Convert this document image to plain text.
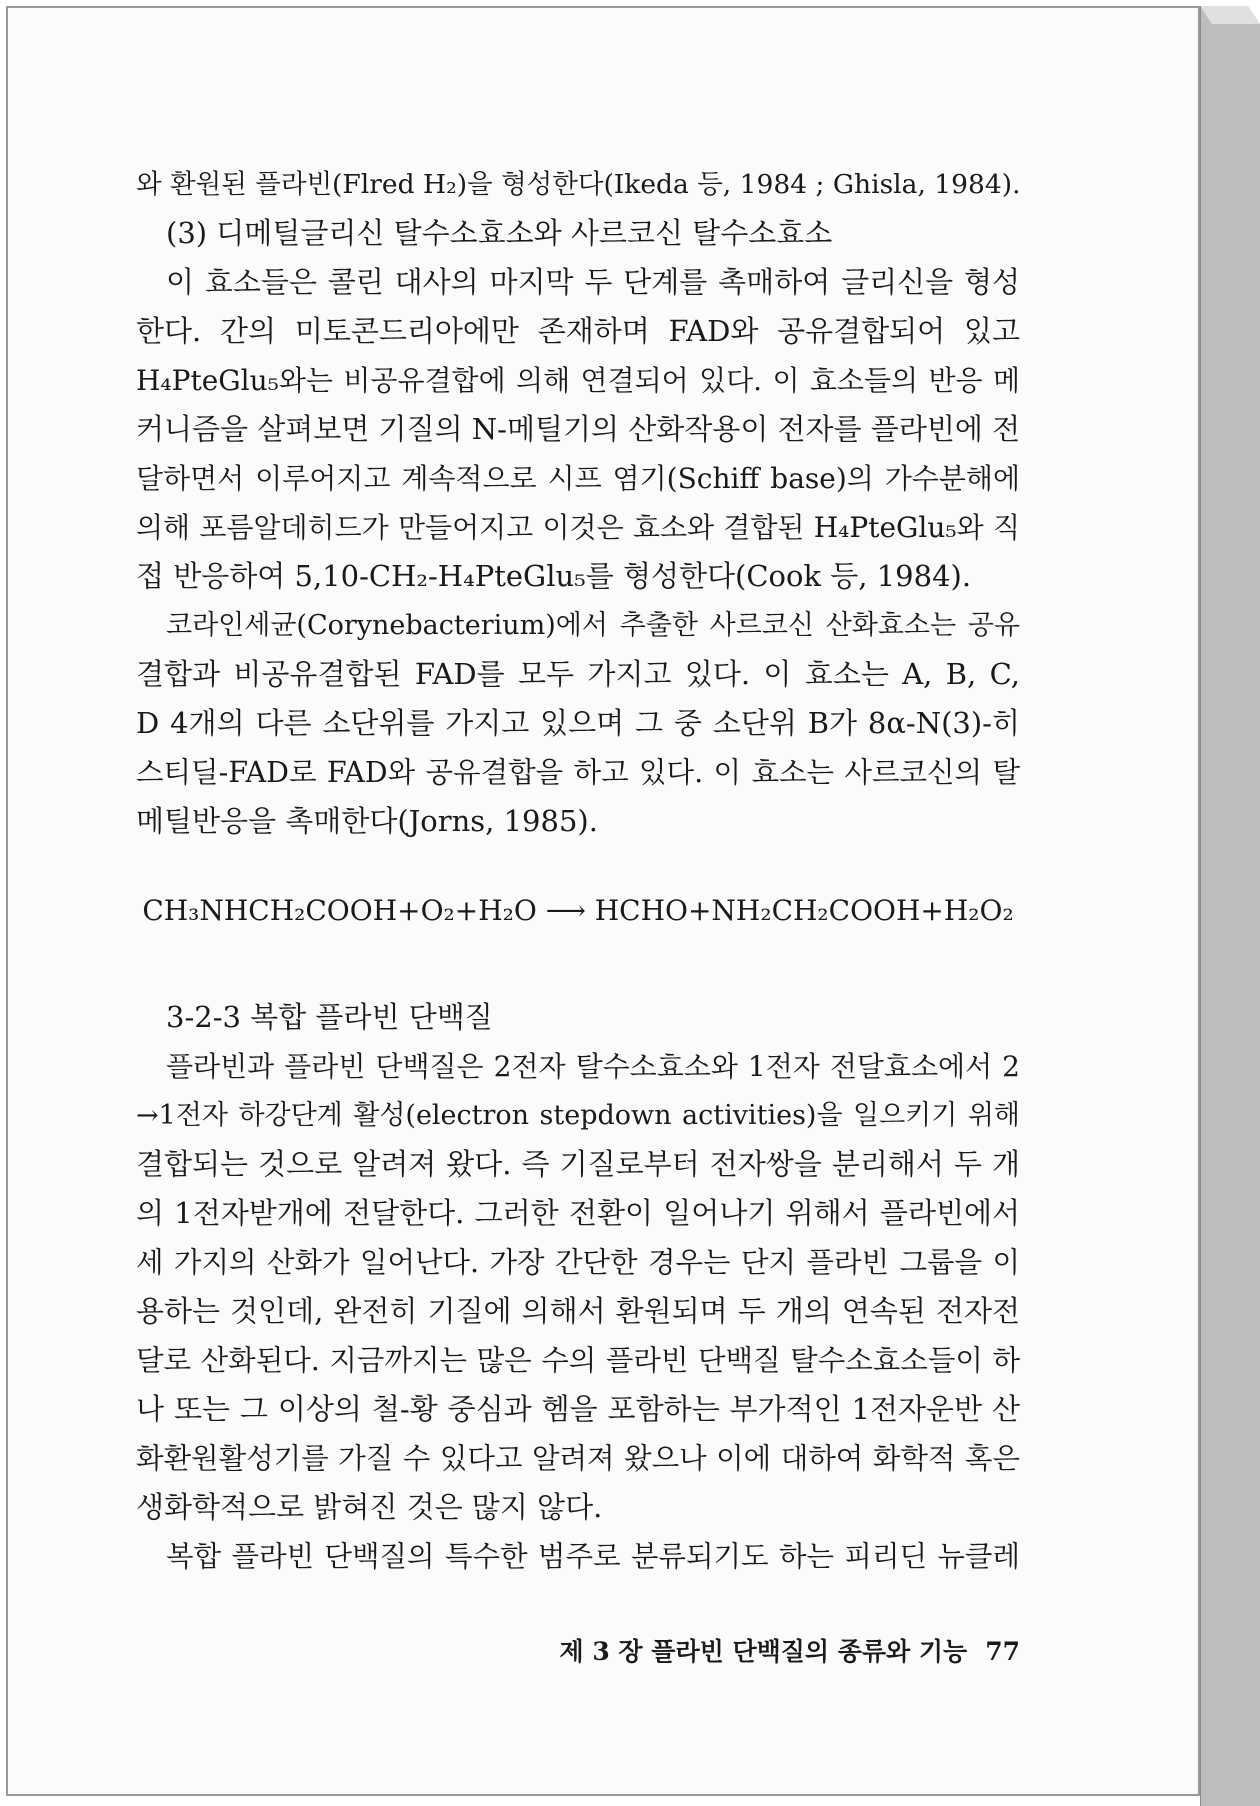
와 환원된 플라빈(Flred H₂)을 형성한다(Ikeda 등, 1984 ; Ghisla, 1984).

(3) 디메틸글리신 탈수소효소와 사르코신 탈수소효소

이 효소들은 콜린 대사의 마지막 두 단계를 촉매하여 글리신을 형성

한다. 간의 미토콘드리아에만 존재하며 FAD와 공유결합되어 있고

H₄PteGlu₅와는 비공유결합에 의해 연결되어 있다. 이 효소들의 반응 메

커니즘을 살펴보면 기질의 N-메틸기의 산화작용이 전자를 플라빈에 전

달하면서 이루어지고 계속적으로 시프 염기(Schiff base)의 가수분해에

의해 포름알데히드가 만들어지고 이것은 효소와 결합된 H₄PteGlu₅와 직

접 반응하여 5,10-CH₂-H₄PteGlu₅를 형성한다(Cook 등, 1984).

코라인세균(Corynebacterium)에서 추출한 사르코신 산화효소는 공유

결합과 비공유결합된 FAD를 모두 가지고 있다. 이 효소는 A, B, C,

D 4개의 다른 소단위를 가지고 있으며 그 중 소단위 B가 8α-N(3)-히

스티딜-FAD로 FAD와 공유결합을 하고 있다. 이 효소는 사르코신의 탈

메틸반응을 촉매한다(Jorns, 1985).

CH₃NHCH₂COOH+O₂+H₂O ⟶ HCHO+NH₂CH₂COOH+H₂O₂
3-2-3 복합 플라빈 단백질

플라빈과 플라빈 단백질은 2전자 탈수소효소와 1전자 전달효소에서 2

→1전자 하강단계 활성(electron stepdown activities)을 일으키기 위해

결합되는 것으로 알려져 왔다. 즉 기질로부터 전자쌍을 분리해서 두 개

의 1전자받개에 전달한다. 그러한 전환이 일어나기 위해서 플라빈에서

세 가지의 산화가 일어난다. 가장 간단한 경우는 단지 플라빈 그룹을 이

용하는 것인데, 완전히 기질에 의해서 환원되며 두 개의 연속된 전자전

달로 산화된다. 지금까지는 많은 수의 플라빈 단백질 탈수소효소들이 하

나 또는 그 이상의 철-황 중심과 헴을 포함하는 부가적인 1전자운반 산

화환원활성기를 가질 수 있다고 알려져 왔으나 이에 대하여 화학적 혹은

생화학적으로 밝혀진 것은 많지 않다.

복합 플라빈 단백질의 특수한 범주로 분류되기도 하는 피리딘 뉴클레

제 3 장 플라빈 단백질의 종류와 기능 77
